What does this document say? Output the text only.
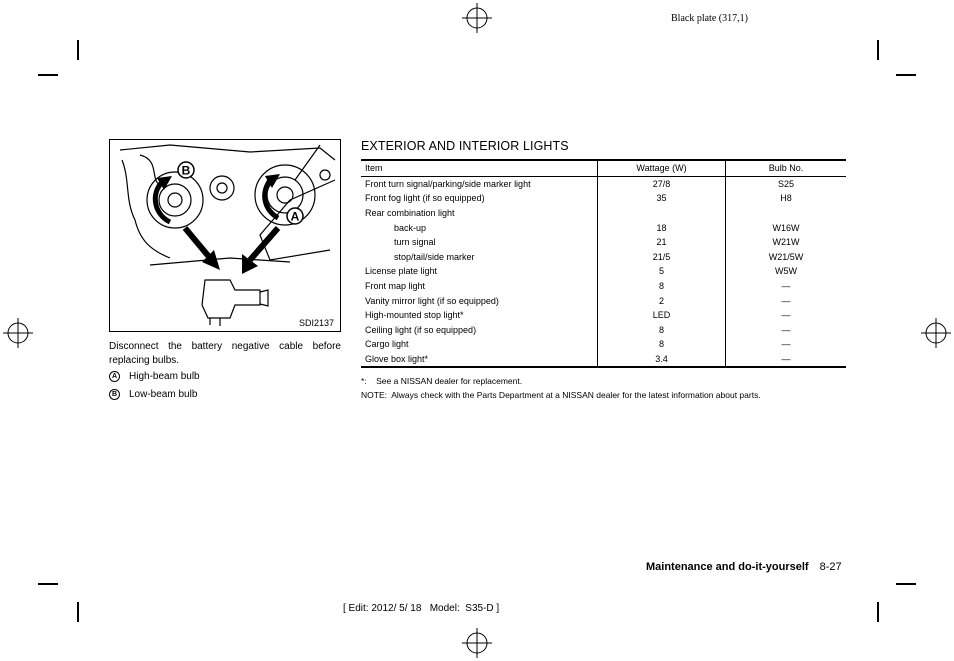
Black plate (317,1)
B
A
SDI2137
Disconnect the battery negative cable before replacing bulbs.
A High-beam bulb
B Low-beam bulb
EXTERIOR AND INTERIOR LIGHTS
Item	Wattage (W)	Bulb No.
Front turn signal/parking/side marker light	27/8	S25
Front fog light (if so equipped)	35	H8
Rear combination light		
back-up	18	W16W
turn signal	21	W21W
stop/tail/side marker	21/5	W21/5W
License plate light	5	W5W
Front map light	8	—
Vanity mirror light (if so equipped)	2	—
High-mounted stop light*	LED	—
Ceiling light (if so equipped)	8	—
Cargo light	8	—
Glove box light*	3.4	—
*:    See a NISSAN dealer for replacement.
NOTE:  Always check with the Parts Department at a NISSAN dealer for the latest information about parts.
Maintenance and do-it-yourself 8-27
[ Edit: 2012/ 5/ 18   Model:  S35-D ]
